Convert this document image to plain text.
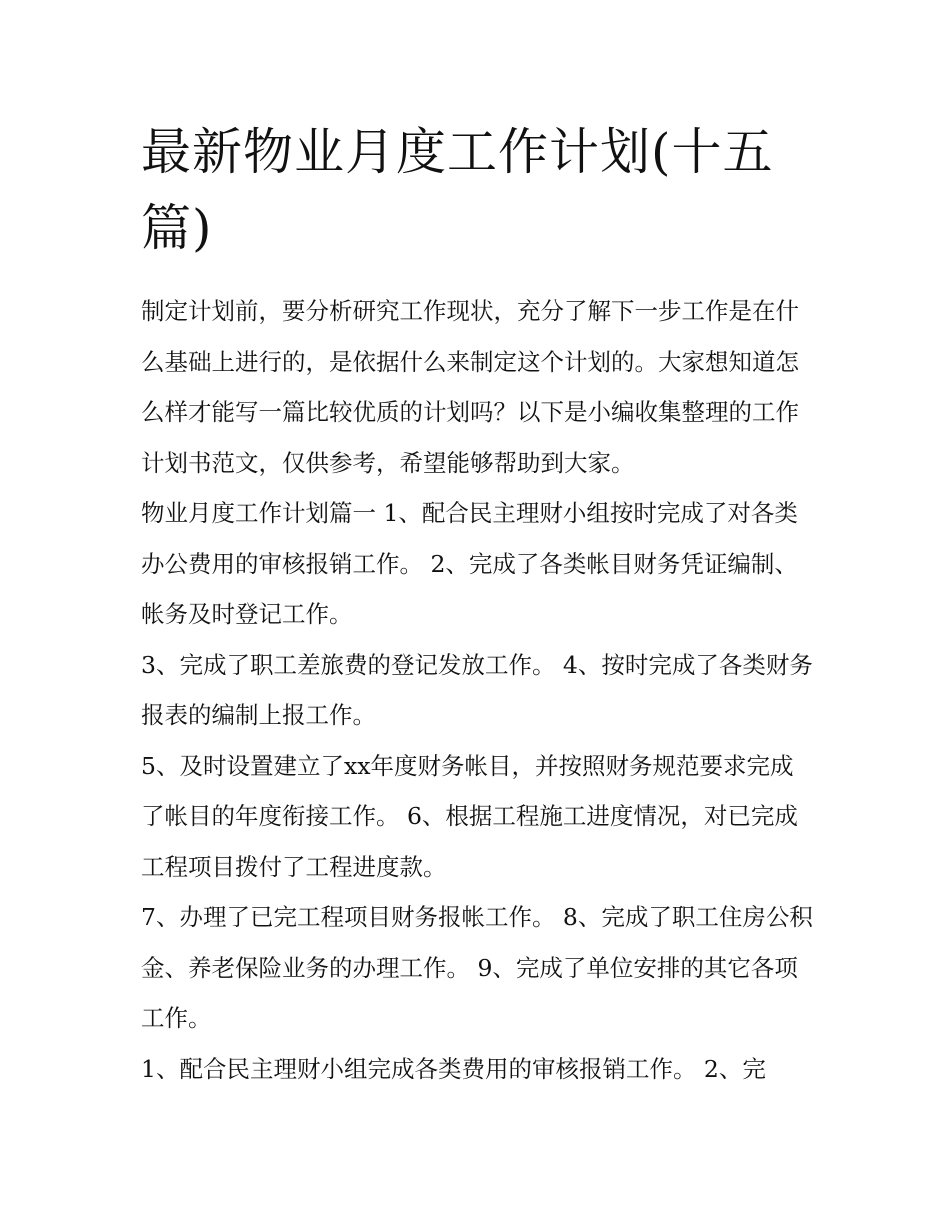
最新物业月度工作计划(十五篇)

制定计划前，要分析研究工作现状，充分了解下一步工作是在什么基础上进行的，是依据什么来制定这个计划的。大家想知道怎么样才能写一篇比较优质的计划吗？以下是小编收集整理的工作计划书范文，仅供参考，希望能够帮助到大家。

物业月度工作计划篇一 1、配合民主理财小组按时完成了对各类办公费用的审核报销工作。 2、完成了各类帐目财务凭证编制、帐务及时登记工作。

3、完成了职工差旅费的登记发放工作。 4、按时完成了各类财务报表的编制上报工作。

5、及时设置建立了xx年度财务帐目，并按照财务规范要求完成了帐目的年度衔接工作。 6、根据工程施工进度情况，对已完成工程项目拨付了工程进度款。

7、办理了已完工程项目财务报帐工作。 8、完成了职工住房公积金、养老保险业务的办理工作。 9、完成了单位安排的其它各项工作。

1、配合民主理财小组完成各类费用的审核报销工作。 2、完
